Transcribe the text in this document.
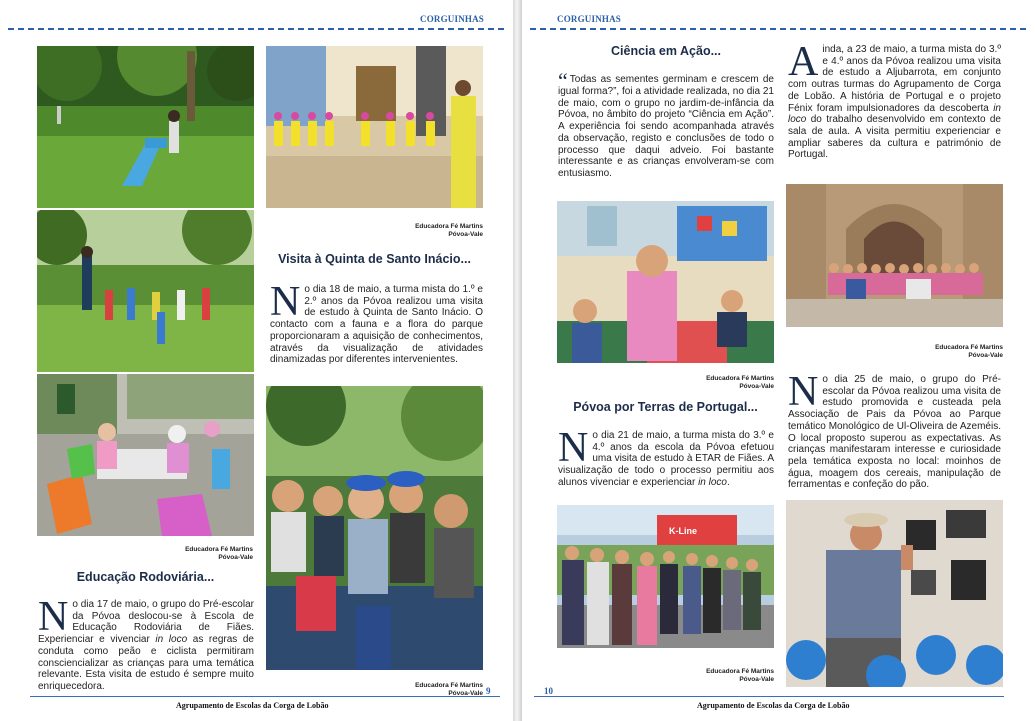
CORGUINHAS
Educadora Fé Martins
Póvoa-Vale
Visita à Quinta de Santo Inácio...
N o dia 18 de maio, a turma mista do 1.º e 2.º anos da Póvoa realizou uma visita de estudo à Quinta de Santo Inácio. O contacto com a fauna e a flora do parque proporcionaram a aquisição de conhecimentos, através da visualização de atividades dinamizadas por diferentes intervenientes.
Educadora Fé Martins
Póvoa-Vale 9
Educadora Fé Martins
Póvoa-Vale
Educação Rodoviária...
No dia 17 de maio, o grupo do Pré-escolar da Póvoa deslocou-se à Escola de Educação Rodoviária de Fiães. Experienciar e vivenciar in loco as regras de conduta como peão e ciclista permitiram consciencializar as crianças para uma temática relevante. Esta visita de estudo é sempre muito enriquecedora.
Agrupamento de Escolas da Corga de Lobão
CORGUINHAS
Ciência em Ação...
“ Todas as sementes germinam e crescem de igual forma?”, foi a atividade realizada, no dia 21 de maio, com o grupo no jardim-de-infância da Póvoa, no âmbito do projeto “Ciência em Ação”. A experiência foi sendo acompanhada através da observação, registo e conclusões de todo o processo que daqui adveio. Foi bastante interessante e as crianças envolveram-se com entusiasmo.
Educadora Fé Martins
Póvoa-Vale
Póvoa por Terras de Portugal...
No dia 21 de maio, a turma mista do 3.º e 4.º anos da escola da Póvoa efetuou uma visita de estudo à ETAR de Fiães. A visualização de todo o processo permitiu aos alunos vivenciar e experienciar in loco.
K-Line
Educadora Fé Martins
Póvoa-Vale
10
Ainda, a 23 de maio, a turma mista do 3.º e 4.º anos da Póvoa realizou uma visita de estudo a Aljubarrota, em conjunto com outras turmas do Agrupamento de Corga de Lobão. A história de Portugal e o projeto Fénix foram impulsionadores da descoberta in loco do trabalho desenvolvido em contexto de sala de aula. A visita permitiu experienciar e ampliar saberes da cultura e património de Portugal.
Educadora Fé Martins
Póvoa-Vale
No dia 25 de maio, o grupo do Pré-escolar da Póvoa realizou uma visita de estudo promovida e custeada pela Associação de Pais da Póvoa ao Parque temático Monológico de Ul-Oliveira de Azeméis. O local proposto superou as expectativas. As crianças manifestaram interesse e curiosidade pela temática exposta no local: moinhos de água, moagem dos cereais, manipulação de ferramentas e confeção do pão.
Agrupamento de Escolas da Corga de Lobão
